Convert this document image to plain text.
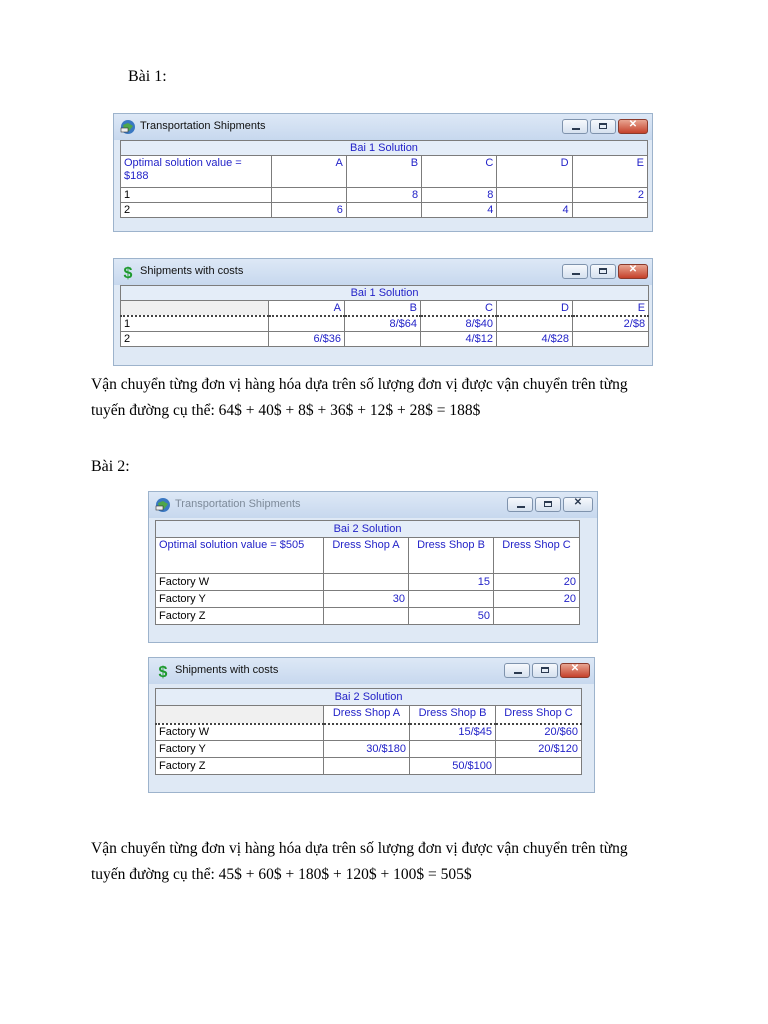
Bài 1:
Transportation Shipments	✕
Bai 1 Solution					
Optimal solution value = $188	A	B	C	D	E
1		8	8		2
2	6		4	4	
$ Shipments with costs	✕
Bai 1 Solution					
	A	B	C	D	E
1		8/$64	8/$40		2/$8
2	6/$36		4/$12	4/$28	
Vận chuyển từng đơn vị hàng hóa dựa trên số lượng đơn vị được vận chuyển trên từng
tuyến đường cụ thể: 64$ + 40$ + 8$ + 36$ + 12$ + 28$ = 188$
Bài 2:
Transportation Shipments	✕
Bai 2 Solution			
Optimal solution value = $505	Dress Shop A	Dress Shop B	Dress Shop C
Factory W		15	20
Factory Y	30		20
Factory Z		50	
$ Shipments with costs	✕
Bai 2 Solution			
	Dress Shop A	Dress Shop B	Dress Shop C
Factory W		15/$45	20/$60
Factory Y	30/$180		20/$120
Factory Z		50/$100	
Vận chuyển từng đơn vị hàng hóa dựa trên số lượng đơn vị được vận chuyển trên từng
tuyến đường cụ thể: 45$ + 60$ + 180$ + 120$ + 100$ = 505$
